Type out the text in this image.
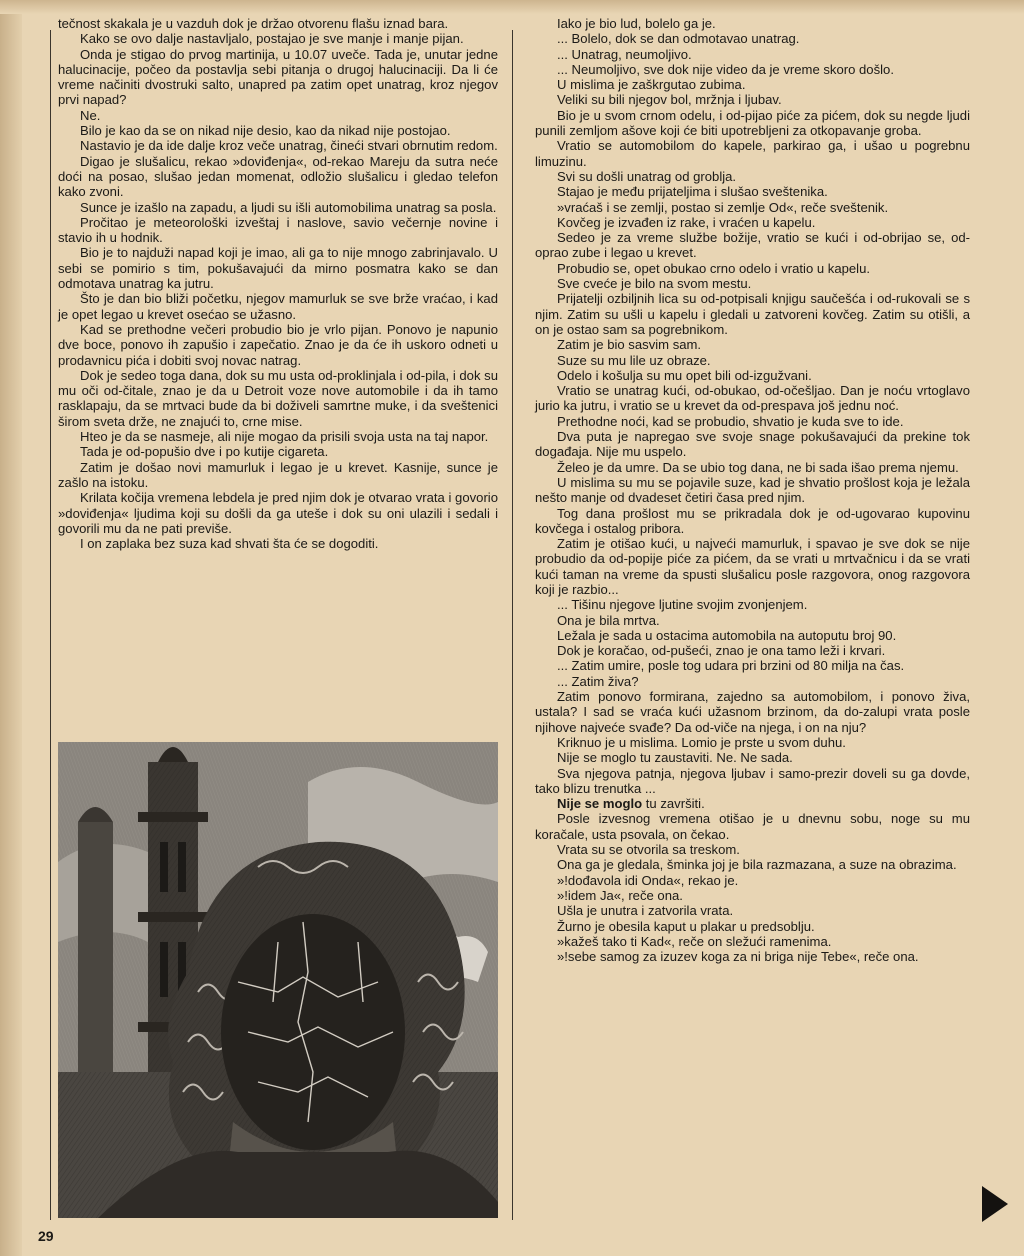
tečnost skakala je u vazduh dok je držao otvorenu flašu iznad bara.

Kako se ovo dalje nastavljalo, postajao je sve manje i manje pijan.

Onda je stigao do prvog martinija, u 10.07 uveče. Tada je, unutar jedne halucinacije, počeo da postavlja sebi pitanja o drugoj halucinaciji. Da li će vreme načiniti dvostruki salto, unapred pa zatim opet unatrag, kroz njegov prvi napad?

Ne.

Bilo je kao da se on nikad nije desio, kao da nikad nije postojao.

Nastavio je da ide dalje kroz veče unatrag, čineći stvari obrnutim redom.

Digao je slušalicu, rekao »doviđenja«, od-rekao Mareju da sutra neće doći na posao, slušao jedan momenat, odložio slušalicu i gledao telefon kako zvoni.

Sunce je izašlo na zapadu, a ljudi su išli automobilima unatrag sa posla.

Pročitao je meteorološki izveštaj i naslove, savio večernje novine i stavio ih u hodnik.

Bio je to najduži napad koji je imao, ali ga to nije mnogo zabrinjavalo. U sebi se pomirio s tim, pokušavajući da mirno posmatra kako se dan odmotava unatrag ka jutru.

Što je dan bio bliži početku, njegov mamurluk se sve brže vraćao, i kad je opet legao u krevet osećao se užasno.

Kad se prethodne večeri probudio bio je vrlo pijan. Ponovo je napunio dve boce, ponovo ih zapušio i zapečatio. Znao je da će ih uskoro odneti u prodavnicu pića i dobiti svoj novac natrag.

Dok je sedeo toga dana, dok su mu usta od-proklinjala i od-pila, i dok su mu oči od-čitale, znao je da u Detroit voze nove automobile i da ih tamo rasklapaju, da se mrtvaci bude da bi doživeli samrtne muke, i da sveštenici širom sveta drže, ne znajući to, crne mise.

Hteo je da se nasmeje, ali nije mogao da prisili svoja usta na taj napor.

Tada je od-popušio dve i po kutije cigareta.

Zatim je došao novi mamurluk i legao je u krevet. Kasnije, sunce je zašlo na istoku.

Krilata kočija vremena lebdela je pred njim dok je otvarao vrata i govorio »doviđenja« ljudima koji su došli da ga uteše i dok su oni ulazili i sedali i govorili mu da ne pati previše.

I on zaplaka bez suza kad shvati šta će se dogoditi.

Iako je bio lud, bolelo ga je.

... Bolelo, dok se dan odmotavao unatrag.

... Unatrag, neumoljivo.

... Neumoljivo, sve dok nije video da je vreme skoro došlo.

U mislima je zaškrgutao zubima.

Veliki su bili njegov bol, mržnja i ljubav.

Bio je u svom crnom odelu, i od-pijao piće za pićem, dok su negde ljudi punili zemljom ašove koji će biti upotrebljeni za otkopavanje groba.

Vratio se automobilom do kapele, parkirao ga, i ušao u pogrebnu limuzinu.

Svi su došli unatrag od groblja.

Stajao je među prijateljima i slušao sveštenika.

»vraćaš i se zemlji, postao si zemlje Od«, reče sveštenik.

Kovčeg je izvađen iz rake, i vraćen u kapelu.

Sedeo je za vreme službe božije, vratio se kući i od-obrijao se, od-oprao zube i legao u krevet.

Probudio se, opet obukao crno odelo i vratio u kapelu.

Sve cveće je bilo na svom mestu.

Prijatelji ozbiljnih lica su od-potpisali knjigu saučešća i od-rukovali se s njim. Zatim su ušli u kapelu i gledali u zatvoreni kovčeg. Zatim su otišli, a on je ostao sam sa pogrebnikom.

Zatim je bio sasvim sam.

Suze su mu lile uz obraze.

Odelo i košulja su mu opet bili od-izgužvani.

Vratio se unatrag kući, od-obukao, od-očešljao. Dan je noću vrtoglavo jurio ka jutru, i vratio se u krevet da od-prespava još jednu noć.

Prethodne noći, kad se probudio, shvatio je kuda sve to ide.

Dva puta je napregao sve svoje snage pokušavajući da prekine tok događaja. Nije mu uspelo.

Želeo je da umre. Da se ubio tog dana, ne bi sada išao prema njemu.

U mislima su mu se pojavile suze, kad je shvatio prošlost koja je ležala nešto manje od dvadeset četiri časa pred njim.

Tog dana prošlost mu se prikradala dok je od-ugovarao kupovinu kovčega i ostalog pribora.

Zatim je otišao kući, u najveći mamurluk, i spavao je sve dok se nije probudio da od-popije piće za pićem, da se vrati u mrtvačnicu i da se vrati kući taman na vreme da spusti slušalicu posle razgovora, onog razgovora koji je razbio...

... Tišinu njegove ljutine svojim zvonjenjem.

Ona je bila mrtva.

Ležala je sada u ostacima automobila na autoputu broj 90.

Dok je koračao, od-pušeći, znao je ona tamo leži i krvari.

... Zatim umire, posle tog udara pri brzini od 80 milja na čas.

... Zatim živa?

Zatim ponovo formirana, zajedno sa automobilom, i ponovo živa, ustala? I sad se vraća kući užasnom brzinom, da do-zalupi vrata posle njihove najveće svađe? Da od-viče na njega, i on na nju?

Kriknuo je u mislima. Lomio je prste u svom duhu.

Nije se moglo tu zaustaviti. Ne. Ne sada.

Sva njegova patnja, njegova ljubav i samo-prezir doveli su ga dovde, tako blizu trenutka ...

Nije se moglo tu završiti.

Posle izvesnog vremena otišao je u dnevnu sobu, noge su mu koračale, usta psovala, on čekao.

Vrata su se otvorila sa treskom.

Ona ga je gledala, šminka joj je bila razmazana, a suze na obrazima.

»!dođavola idi Onda«, rekao je.

»!idem Ja«, reče ona.

Ušla je unutra i zatvorila vrata.

Žurno je obesila kaput u plakar u predsoblju.

»kažeš tako ti Kad«, reče on sležući ramenima.

»!sebe samog za izuzev koga za ni briga nije Tebe«, reče ona.

29
